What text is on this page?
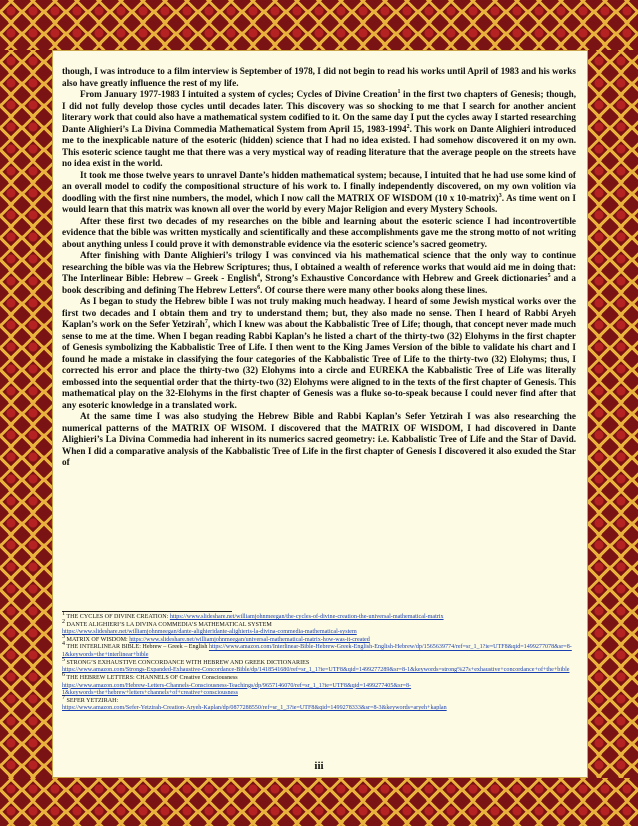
though, I was introduce to a film interview is September of 1978, I did not begin to read his works until April of 1983 and his works also have greatly influence the rest of my life.

From January 1977-1983 I intuited a system of cycles; Cycles of Divine Creation$^1$ in the first two chapters of Genesis; though, I did not fully develop those cycles until decades later. This discovery was so shocking to me that I search for another ancient literary work that could also have a mathematical system codified to it. On the same day I put the cycles away I started researching Dante Alighieri’s La Divina Commedia Mathematical System from April 15, 1983-1994$^2$. This work on Dante Alighieri introduced me to the inexplicable nature of the esoteric (hidden) science that I had no idea existed. I had somehow discovered it on my own. This esoteric science taught me that there was a very mystical way of reading literature that the average people on the streets have no idea exist in the world.

It took me those twelve years to unravel Dante’s hidden mathematical system; because, I intuited that he had use some kind of an overall model to codify the compositional structure of his work to. I finally independently discovered, on my own volition via doodling with the first nine numbers, the model, which I now call the MATRIX OF WISDOM (10 x 10-matrix)$^3$. As time went on I would learn that this matrix was known all over the world by every Major Religion and every Mystery Schools.

After these first two decades of my researches on the bible and learning about the esoteric science I had incontrovertible evidence that the bible was written mystically and scientifically and these accomplishments gave me the strong motto of not writing about anything unless I could prove it with demonstrable evidence via the esoteric science’s sacred geometry.

After finishing with Dante Alighieri’s trilogy I was convinced via his mathematical science that the only way to continue researching the bible was via the Hebrew Scriptures; thus, I obtained a wealth of reference works that would aid me in doing that: The Interlinear Bible: Hebrew – Greek - English$^4$, Strong’s Exhaustive Concordance with Hebrew and Greek dictionaries$^5$ and a book describing and defining The Hebrew Letters$^6$. Of course there were many other books along these lines.

As I began to study the Hebrew bible I was not truly making much headway. I heard of some Jewish mystical works over the first two decades and I obtain them and try to understand them; but, they also made no sense. Then I heard of Rabbi Aryeh Kaplan’s work on the Sefer Yetzirah$^7$, which I knew was about the Kabbalistic Tree of Life; though, that concept never made much sense to me at the time. When I began reading Rabbi Kaplan’s he listed a chart of the thirty-two (32) Elohyms in the first chapter of Genesis symbolizing the Kabbalistic Tree of Life. I then went to the King James Version of the bible to validate his chart and I found he made a mistake in classifying the four categories of the Kabbalistic Tree of Life to the thirty-two (32) Elohyms; thus, I corrected his error and place the thirty-two (32) Elohyms into a circle and EUREKA the Kabbalistic Tree of Life was literally embossed into the sequential order that the thirty-two (32) Elohyms were aligned to in the texts of the first chapter of Genesis. This mathematical play on the 32-Elohyms in the first chapter of Genesis was a fluke so-to-speak because I could never find after that any esoteric knowledge in a translated work.

At the same time I was also studying the Hebrew Bible and Rabbi Kaplan’s Sefer Yetzirah I was also researching the numerical patterns of the MATRIX OF WISOM. I discovered that the MATRIX OF WISDOM, I had discovered in Dante Alighieri’s La Divina Commedia had inherent in its numerics sacred geometry: i.e. Kabbalistic Tree of Life and the Star of David. When I did a comparative analysis of the Kabbalistic Tree of Life in the first chapter of Genesis I discovered it also exuded the Star of

$^1$ THE CYCLES OF DIVINE CREATION: https://www.slideshare.net/williamjohnmeegan/the-cycles-of-divine-creation-the-universal-mathematical-matrix
$^2$ DANTE ALIGHIERI’S LA DIVINA COMMEDIA’S MATHEMATICAL SYSTEM
https://www.slideshare.net/williamjohnmeegan/dante-alighieridante-alighieris-la-divina-commedia-mathematical-system
$^3$ MATRIX OF WISDOM: https://www.slideshare.net/williamjohnmeegan/universal-mathematical-matrix-how-was-it-created
$^4$ THE INTERLINEAR BIBLE: Hebrew – Greek – English https://www.amazon.com/Interlinear-Bible-Hebrew-Greek-English-English-Hebrew/dp/1565639774/ref=sr_1_1?ie=UTF8&qid=1499277078&sr=8-1&keywords=the+interlinear+bible
$^5$ STRONG’S EXHAUSTIVE CONCORDANCE WITH HEBREW AND GREEK DICTIONARIES
https://www.amazon.com/Strongs-Expanded-Exhaustive-Concordance-Bible/dp/1418541680/ref=sr_1_1?ie=UTF8&qid=1499277289&sr=8-1&keywords=strong%27s+exhaustive+concordance+of+the+bible
$^6$ THE HEBREW LETTERS: CHANNELS OF Creative Consciousness
https://www.amazon.com/Hebrew-Letters-Channels-Consciousness-Teachings/dp/9657146070/ref=sr_1_1?ie=UTF8&qid=1499277405&sr=8-1&keywords=the+hebrew+letters+channels+of+creative+consciousness
$^7$ SEFER YETZIRAH:
https://www.amazon.com/Sefer-Yetzirah-Creation-Aryeh-Kaplan/dp/0877288550/ref=sr_1_3?ie=UTF8&qid=1499278333&sr=8-3&keywords=aryeh+kaplan
iii
